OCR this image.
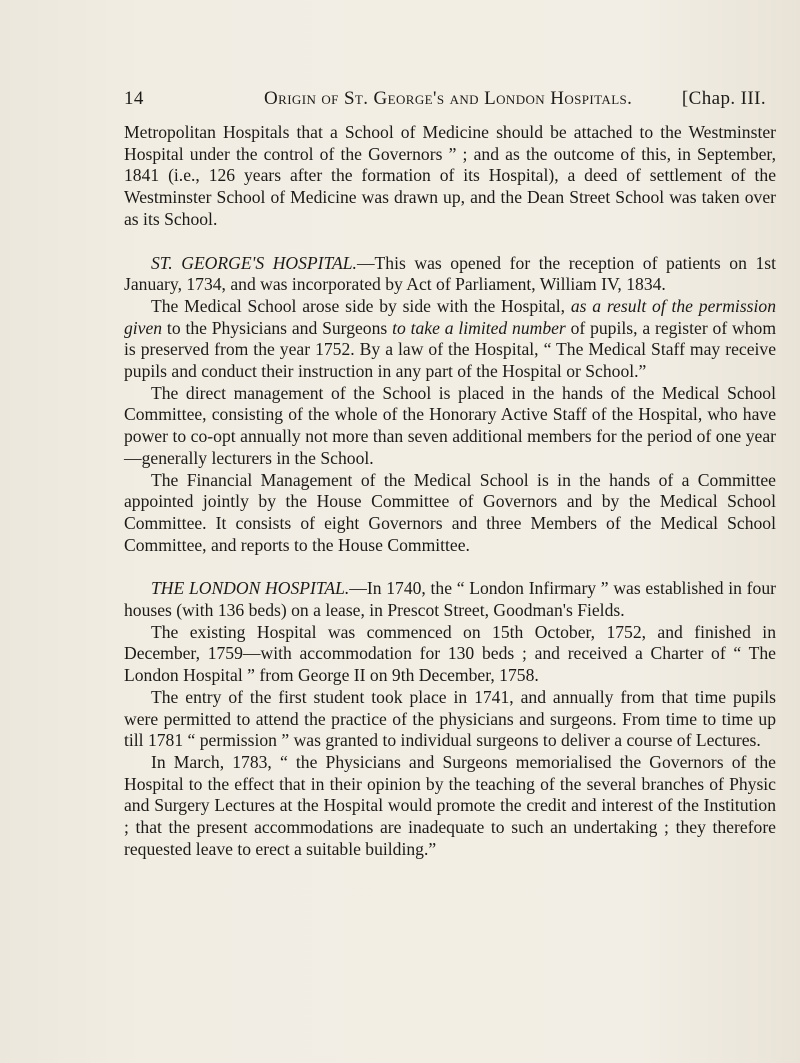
14	Origin of St. George's and London Hospitals.	[Chap. III.

Metropolitan Hospitals that a School of Medicine should be attached to the Westminster Hospital under the control of the Governors ” ; and as the outcome of this, in September, 1841 (i.e., 126 years after the formation of its Hospital), a deed of settlement of the Westminster School of Medicine was drawn up, and the Dean Street School was taken over as its School.

ST. GEORGE'S HOSPITAL.—This was opened for the reception of patients on 1st January, 1734, and was incorporated by Act of Parliament, William IV, 1834.

The Medical School arose side by side with the Hospital, as a result of the permission given to the Physicians and Surgeons to take a limited number of pupils, a register of whom is preserved from the year 1752. By a law of the Hospital, “ The Medical Staff may receive pupils and conduct their instruction in any part of the Hospital or School.”

The direct management of the School is placed in the hands of the Medical School Committee, consisting of the whole of the Honorary Active Staff of the Hospital, who have power to co-opt annually not more than seven additional members for the period of one year—generally lecturers in the School.

The Financial Management of the Medical School is in the hands of a Committee appointed jointly by the House Committee of Governors and by the Medical School Committee. It consists of eight Governors and three Members of the Medical School Committee, and reports to the House Committee.

THE LONDON HOSPITAL.—In 1740, the “ London Infirmary ” was established in four houses (with 136 beds) on a lease, in Prescot Street, Goodman's Fields.

The existing Hospital was commenced on 15th October, 1752, and finished in December, 1759—with accommodation for 130 beds ; and received a Charter of “ The London Hospital ” from George II on 9th December, 1758.

The entry of the first student took place in 1741, and annually from that time pupils were permitted to attend the practice of the physicians and surgeons. From time to time up till 1781 “ permission ” was granted to individual surgeons to deliver a course of Lectures.

In March, 1783, “ the Physicians and Surgeons memorialised the Governors of the Hospital to the effect that in their opinion by the teaching of the several branches of Physic and Surgery Lectures at the Hospital would promote the credit and interest of the Institution ; that the present accommodations are inadequate to such an undertaking ; they therefore requested leave to erect a suitable building.”
